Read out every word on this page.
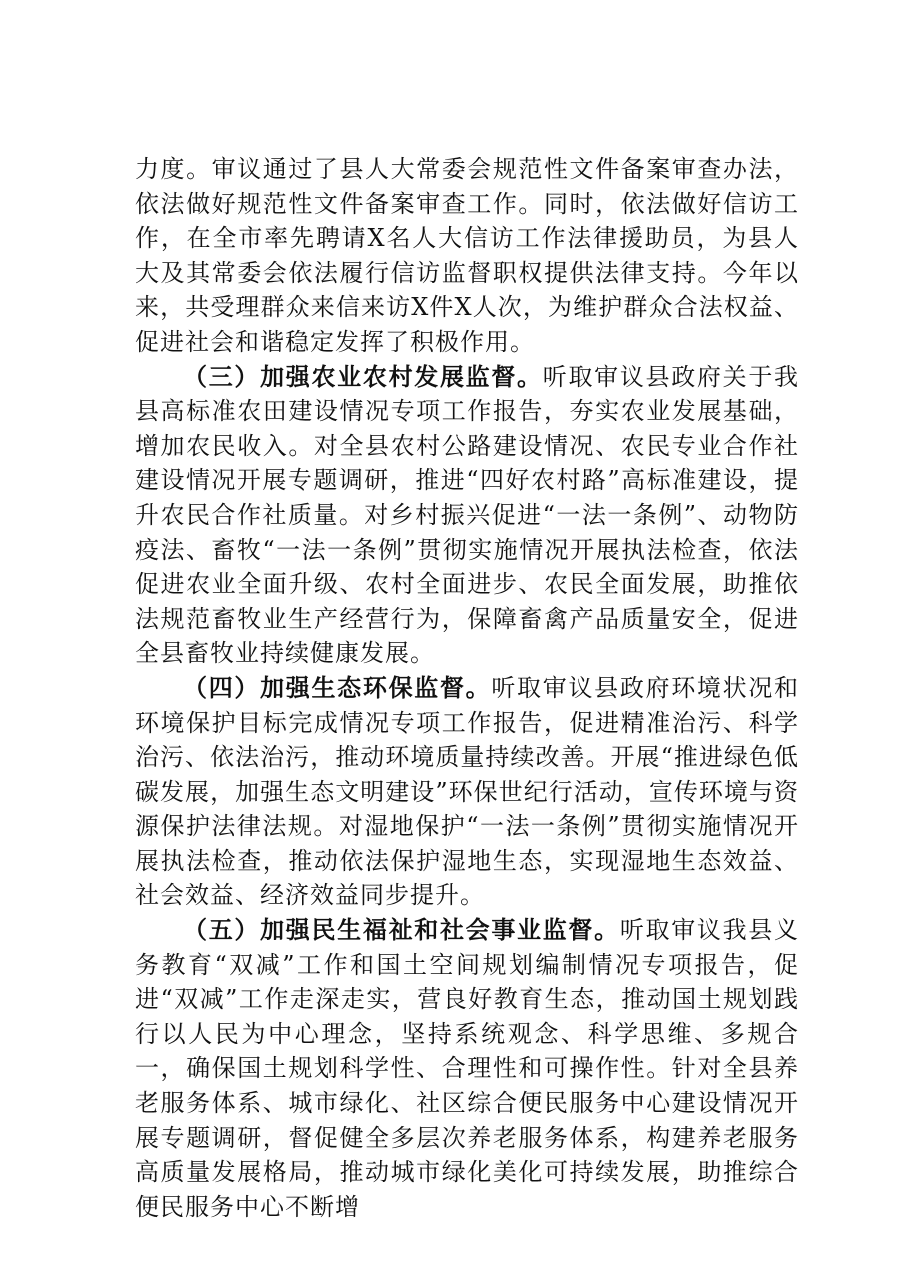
力度。审议通过了县人大常委会规范性文件备案审查办法，依法做好规范性文件备案审查工作。同时，依法做好信访工作，在全市率先聘请X名人大信访工作法律援助员，为县人大及其常委会依法履行信访监督职权提供法律支持。今年以来，共受理群众来信来访X件X人次，为维护群众合法权益、促进社会和谐稳定发挥了积极作用。

（三）加强农业农村发展监督。听取审议县政府关于我县高标准农田建设情况专项工作报告，夯实农业发展基础，增加农民收入。对全县农村公路建设情况、农民专业合作社建设情况开展专题调研，推进“四好农村路”高标准建设，提升农民合作社质量。对乡村振兴促进“一法一条例”、动物防疫法、畜牧“一法一条例”贯彻实施情况开展执法检查，依法促进农业全面升级、农村全面进步、农民全面发展，助推依法规范畜牧业生产经营行为，保障畜禽产品质量安全，促进全县畜牧业持续健康发展。

（四）加强生态环保监督。听取审议县政府环境状况和环境保护目标完成情况专项工作报告，促进精准治污、科学治污、依法治污，推动环境质量持续改善。开展“推进绿色低碳发展，加强生态文明建设”环保世纪行活动，宣传环境与资源保护法律法规。对湿地保护“一法一条例”贯彻实施情况开展执法检查，推动依法保护湿地生态，实现湿地生态效益、社会效益、经济效益同步提升。

（五）加强民生福祉和社会事业监督。听取审议我县义务教育“双减”工作和国土空间规划编制情况专项报告，促进“双减”工作走深走实，营良好教育生态，推动国土规划践行以人民为中心理念，坚持系统观念、科学思维、多规合一，确保国土规划科学性、合理性和可操作性。针对全县养老服务体系、城市绿化、社区综合便民服务中心建设情况开展专题调研，督促健全多层次养老服务体系，构建养老服务高质量发展格局，推动城市绿化美化可持续发展，助推综合便民服务中心不断增
